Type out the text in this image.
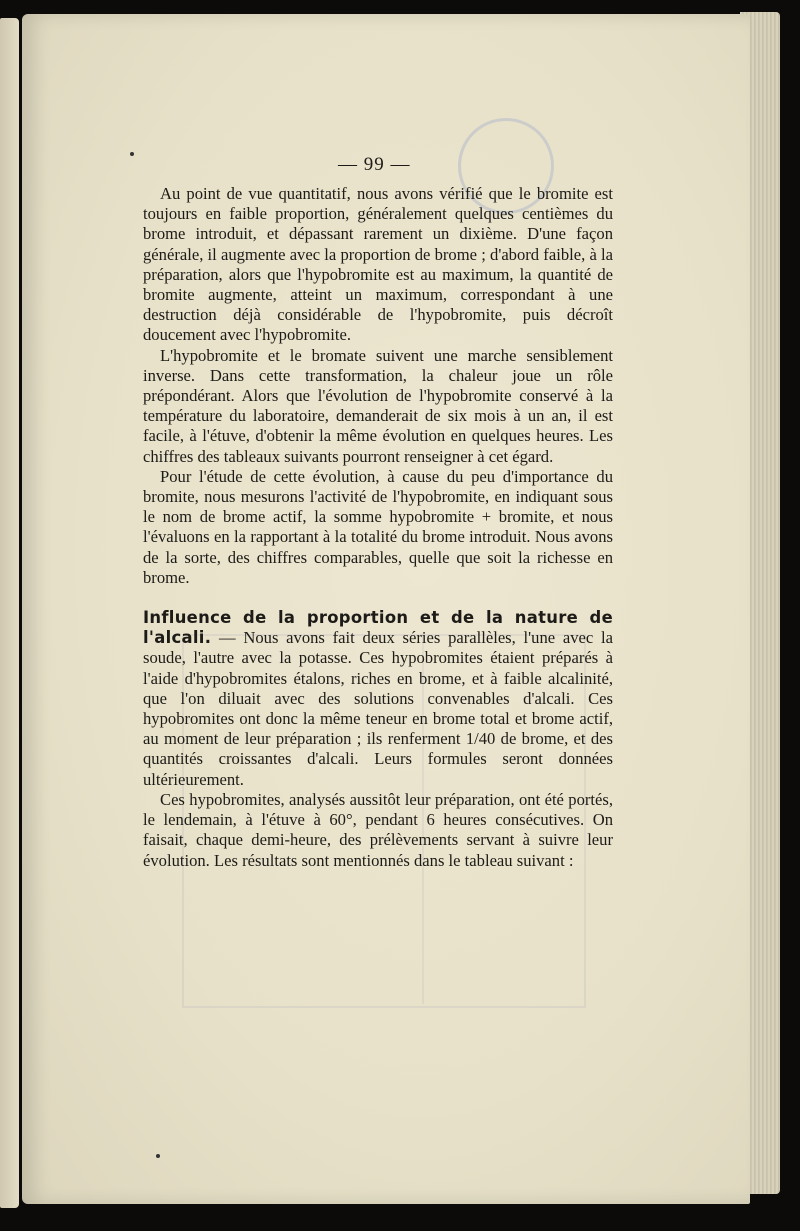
— 99 —

Au point de vue quantitatif, nous avons vérifié que le bromite est toujours en faible proportion, généralement quelques centièmes du brome introduit, et dépassant rarement un dixième. D'une façon générale, il augmente avec la proportion de brome ; d'abord faible, à la préparation, alors que l'hypobromite est au maximum, la quantité de bromite augmente, atteint un maximum, correspondant à une destruction déjà considérable de l'hypobromite, puis décroît doucement avec l'hypobromite.

L'hypobromite et le bromate suivent une marche sensiblement inverse. Dans cette transformation, la chaleur joue un rôle prépondérant. Alors que l'évolution de l'hypobromite conservé à la température du laboratoire, demanderait de six mois à un an, il est facile, à l'étuve, d'obtenir la même évolution en quelques heures. Les chiffres des tableaux suivants pourront renseigner à cet égard.

Pour l'étude de cette évolution, à cause du peu d'importance du bromite, nous mesurons l'activité de l'hypobromite, en indiquant sous le nom de brome actif, la somme hypobromite + bromite, et nous l'évaluons en la rapportant à la totalité du brome introduit. Nous avons de la sorte, des chiffres comparables, quelle que soit la richesse en brome.

Influence de la proportion et de la nature de l'alcali. — Nous avons fait deux séries parallèles, l'une avec la soude, l'autre avec la potasse. Ces hypobromites étaient préparés à l'aide d'hypobromites étalons, riches en brome, et à faible alcalinité, que l'on diluait avec des solutions convenables d'alcali. Ces hypobromites ont donc la même teneur en brome total et brome actif, au moment de leur préparation ; ils renferment 1/40 de brome, et des quantités croissantes d'alcali. Leurs formules seront données ultérieurement.

Ces hypobromites, analysés aussitôt leur préparation, ont été portés, le lendemain, à l'étuve à 60°, pendant 6 heures consécutives. On faisait, chaque demi-heure, des prélèvements servant à suivre leur évolution. Les résultats sont mentionnés dans le tableau suivant :
